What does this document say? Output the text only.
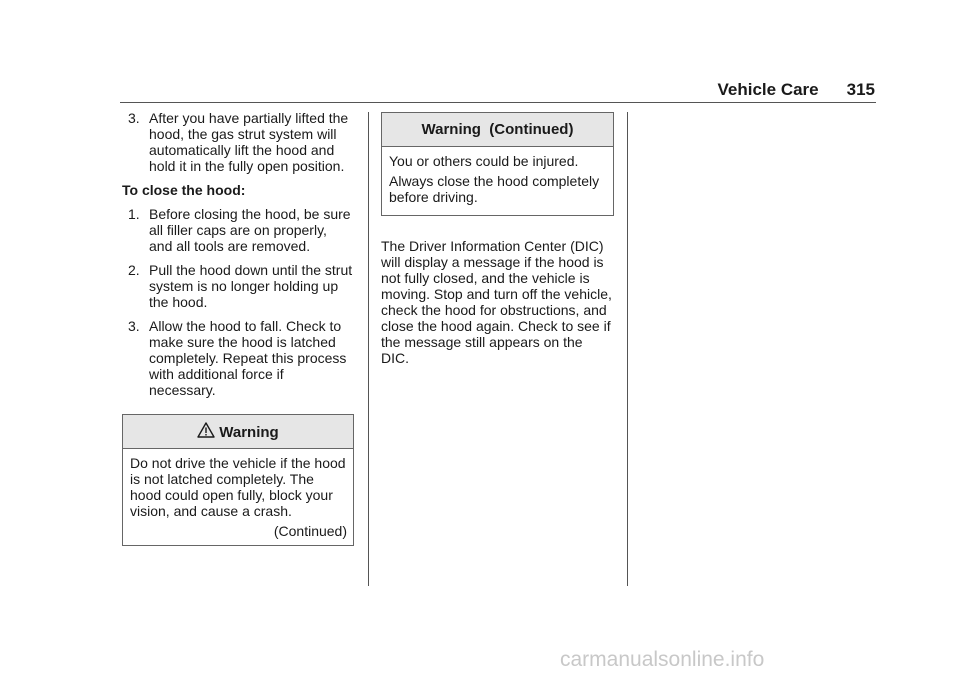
Vehicle Care 315
3. After you have partially lifted the hood, the gas strut system will automatically lift the hood and hold it in the fully open position.
To close the hood:
1. Before closing the hood, be sure all filler caps are on properly, and all tools are removed.
2. Pull the hood down until the strut system is no longer holding up the hood.
3. Allow the hood to fall. Check to make sure the hood is latched completely. Repeat this process with additional force if necessary.
Warning

Do not drive the vehicle if the hood is not latched completely. The hood could open fully, block your vision, and cause a crash.

(Continued)
Warning  (Continued)

You or others could be injured.

Always close the hood completely before driving.

The Driver Information Center (DIC) will display a message if the hood is not fully closed, and the vehicle is moving. Stop and turn off the vehicle, check the hood for obstructions, and close the hood again. Check to see if the message still appears on the DIC.

carmanualsonline.info
